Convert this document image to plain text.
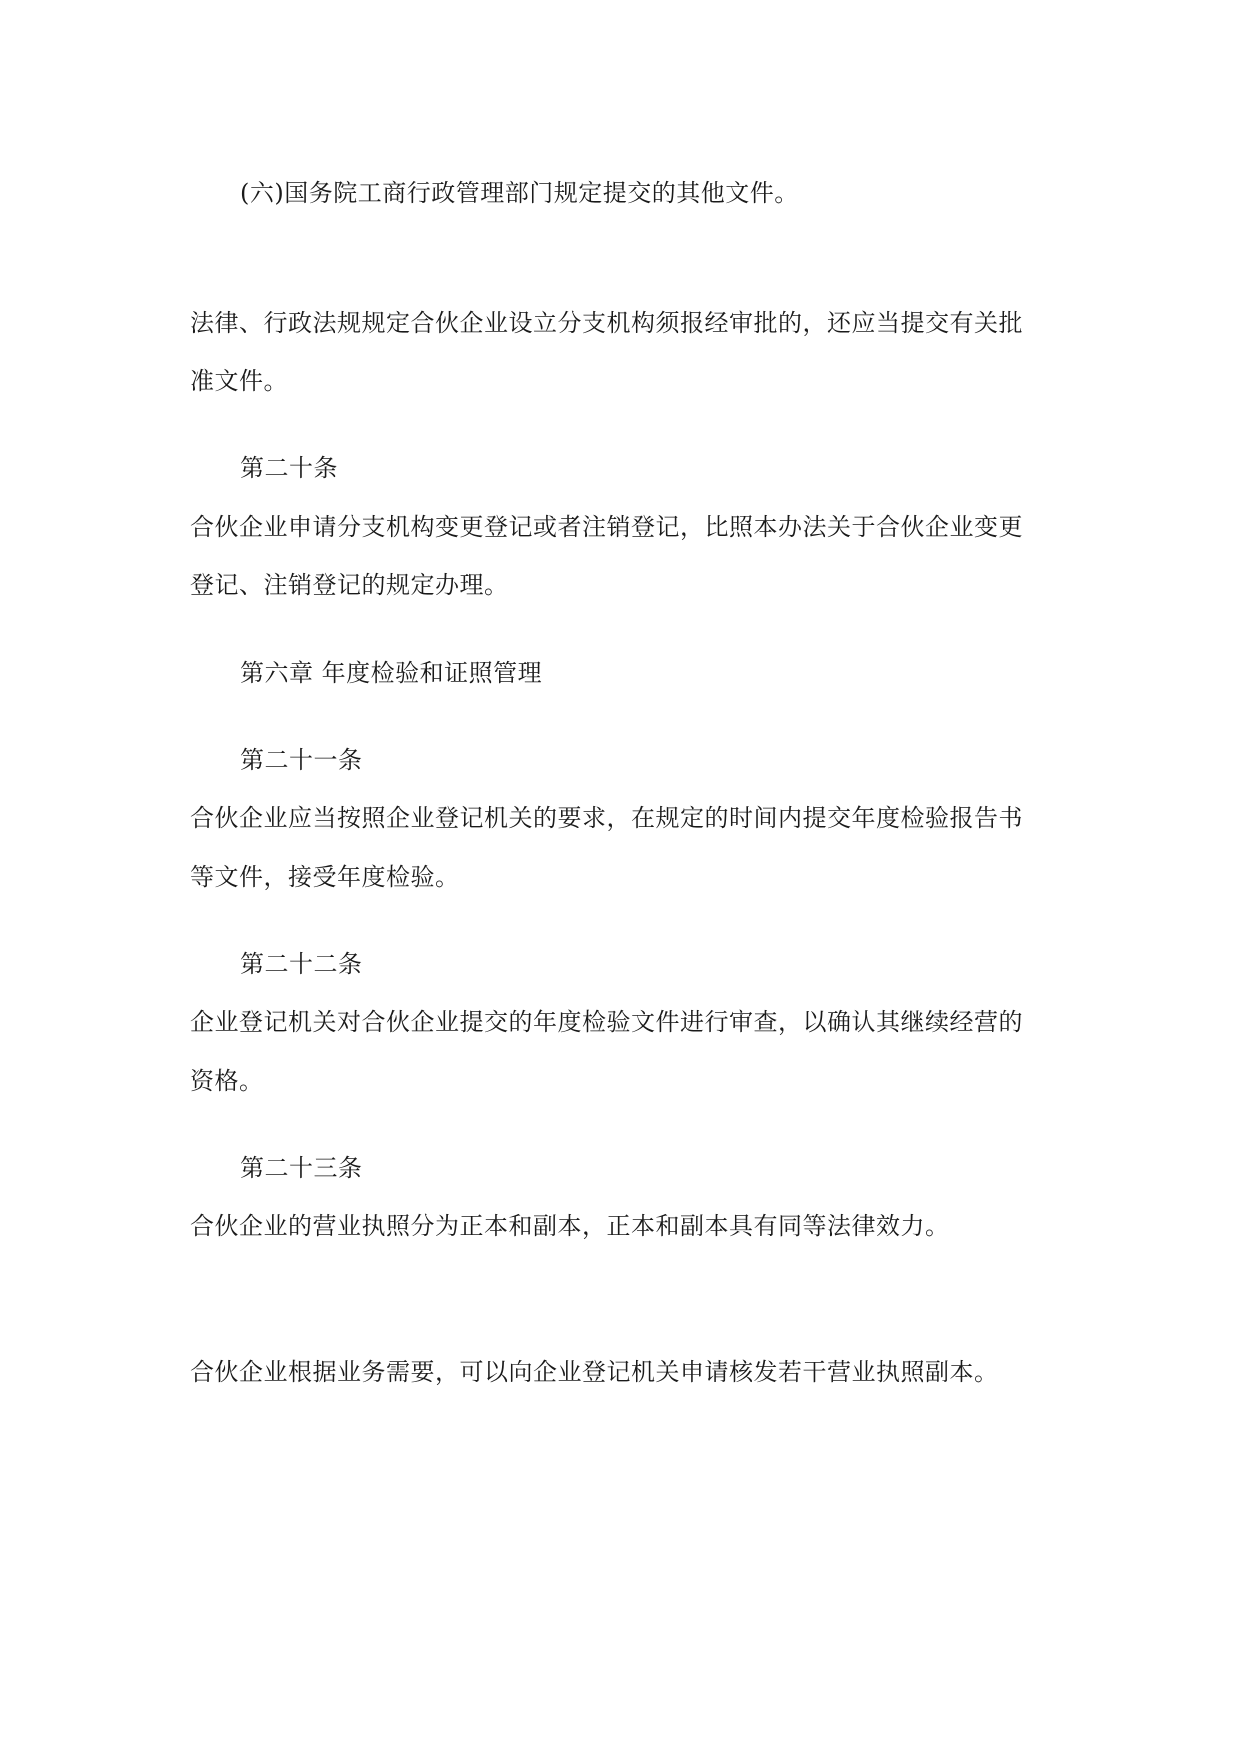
(六)国务院工商行政管理部门规定提交的其他文件。
法律、行政法规规定合伙企业设立分支机构须报经审批的，还应当提交有关批
准文件。
第二十条
合伙企业申请分支机构变更登记或者注销登记，比照本办法关于合伙企业变更
登记、注销登记的规定办理。
第六章 年度检验和证照管理
第二十一条
合伙企业应当按照企业登记机关的要求，在规定的时间内提交年度检验报告书
等文件，接受年度检验。
第二十二条
企业登记机关对合伙企业提交的年度检验文件进行审查，以确认其继续经营的
资格。
第二十三条
合伙企业的营业执照分为正本和副本，正本和副本具有同等法律效力。
合伙企业根据业务需要，可以向企业登记机关申请核发若干营业执照副本。
